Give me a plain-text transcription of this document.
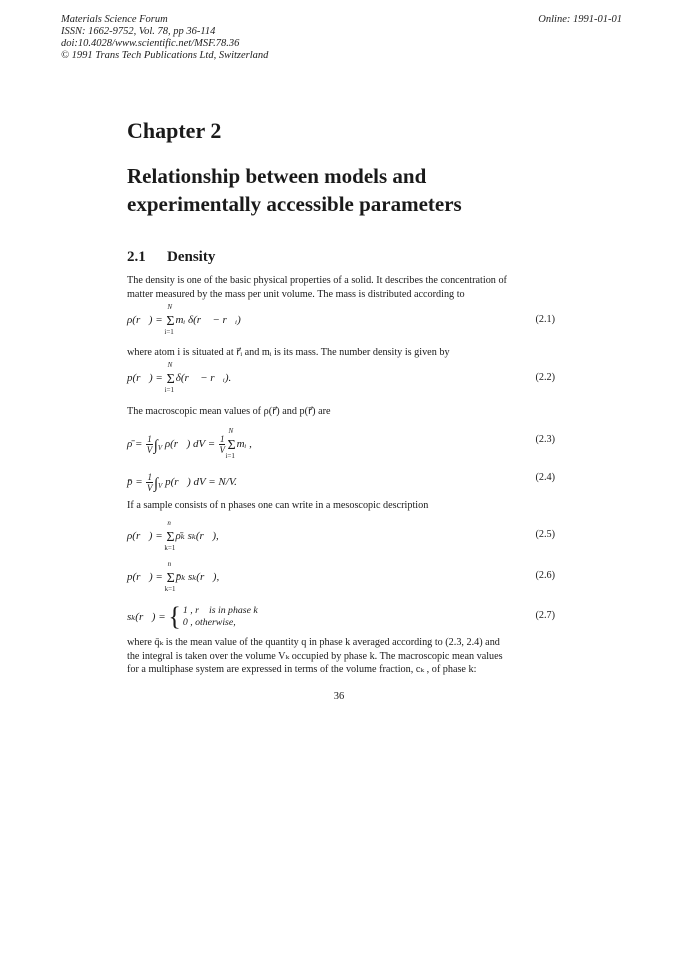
Materials Science Forum
ISSN: 1662-9752, Vol. 78, pp 36-114
doi:10.4028/www.scientific.net/MSF.78.36
© 1991 Trans Tech Publications Ltd, Switzerland
Online: 1991-01-01
Chapter 2
Relationship between models and
experimentally accessible parameters
2.1 Density
The density is one of the basic physical properties of a solid. It describes the concentration of
matter measured by the mass per unit volume. The mass is distributed according to
ρ(r⃗) = Σ
N
i=1
mᵢ δ(r⃗ − r⃗ᵢ)	(2.1)
where atom i is situated at r⃗ᵢ and mᵢ is its mass. The number density is given by
p(r⃗) = Σ
N
i=1
δ(r⃗ − r⃗ᵢ).	(2.2)
The macroscopic mean values of ρ(r⃗) and p(r⃗) are
ρ̄ = $\frac{1}{V} \int_V$ ρ(r⃗) dV = $\frac{1}{V}$ Σ
N
i=1
mᵢ ,	(2.3)
p̄ = $\frac{1}{V} \int_V$ p(r⃗) dV = N/V.	(2.4)
If a sample consists of n phases one can write in a mesoscopic description
ρ(r⃗) = Σ
n
k=1
ρ̄ₖ sₖ(r⃗),	(2.5)
p(r⃗) = Σ
n
k=1
p̄ₖ sₖ(r⃗),	(2.6)
sₖ(r⃗) = { 1 , r⃗ is in phase k
0 , otherwise,
(2.7)
where q̄ₖ is the mean value of the quantity q in phase k averaged according to (2.3, 2.4) and
the integral is taken over the volume Vₖ occupied by phase k. The macroscopic mean values
for a multiphase system are expressed in terms of the volume fraction, cₖ , of phase k:
36
